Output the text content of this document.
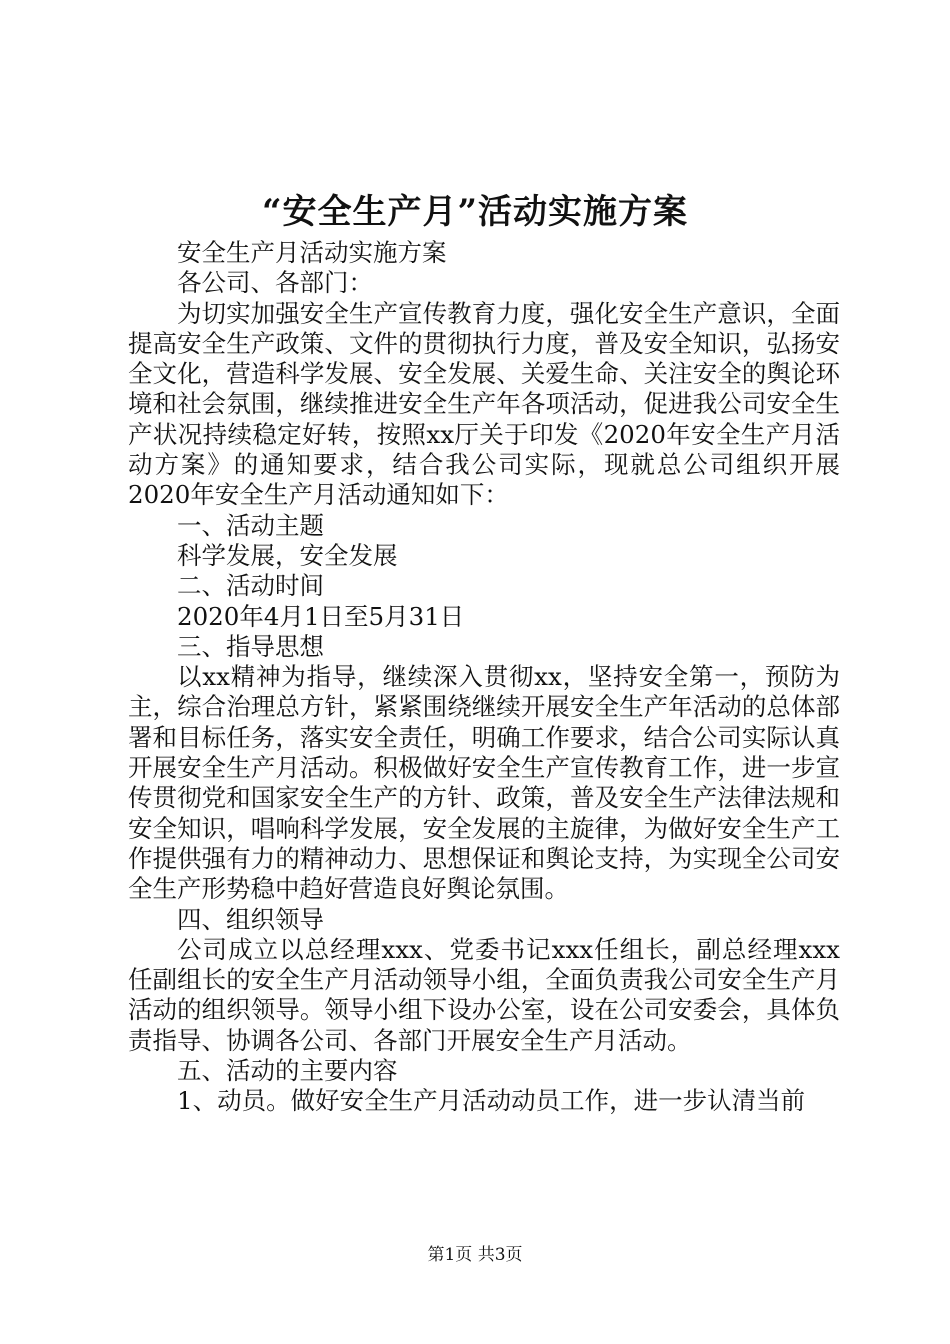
“安全生产月”活动实施方案

安全生产月活动实施方案

各公司、各部门：

为切实加强安全生产宣传教育力度，强化安全生产意识，全面提高安全生产政策、文件的贯彻执行力度，普及安全知识，弘扬安全文化，营造科学发展、安全发展、关爱生命、关注安全的舆论环境和社会氛围，继续推进安全生产年各项活动，促进我公司安全生产状况持续稳定好转，按照xx厅关于印发《2020年安全生产月活动方案》的通知要求，结合我公司实际，现就总公司组织开展2020年安全生产月活动通知如下：

一、活动主题

科学发展，安全发展

二、活动时间

2020年4月1日至5月31日

三、指导思想

以xx精神为指导，继续深入贯彻xx，坚持安全第一，预防为主，综合治理总方针，紧紧围绕继续开展安全生产年活动的总体部署和目标任务，落实安全责任，明确工作要求，结合公司实际认真开展安全生产月活动。积极做好安全生产宣传教育工作，进一步宣传贯彻党和国家安全生产的方针、政策，普及安全生产法律法规和安全知识，唱响科学发展，安全发展的主旋律，为做好安全生产工作提供强有力的精神动力、思想保证和舆论支持，为实现全公司安全生产形势稳中趋好营造良好舆论氛围。

四、组织领导

公司成立以总经理xxx、党委书记xxx任组长，副总经理xxx任副组长的安全生产月活动领导小组，全面负责我公司安全生产月活动的组织领导。领导小组下设办公室，设在公司安委会，具体负责指导、协调各公司、各部门开展安全生产月活动。

五、活动的主要内容

1、动员。做好安全生产月活动动员工作，进一步认清当前

第1页 共3页
